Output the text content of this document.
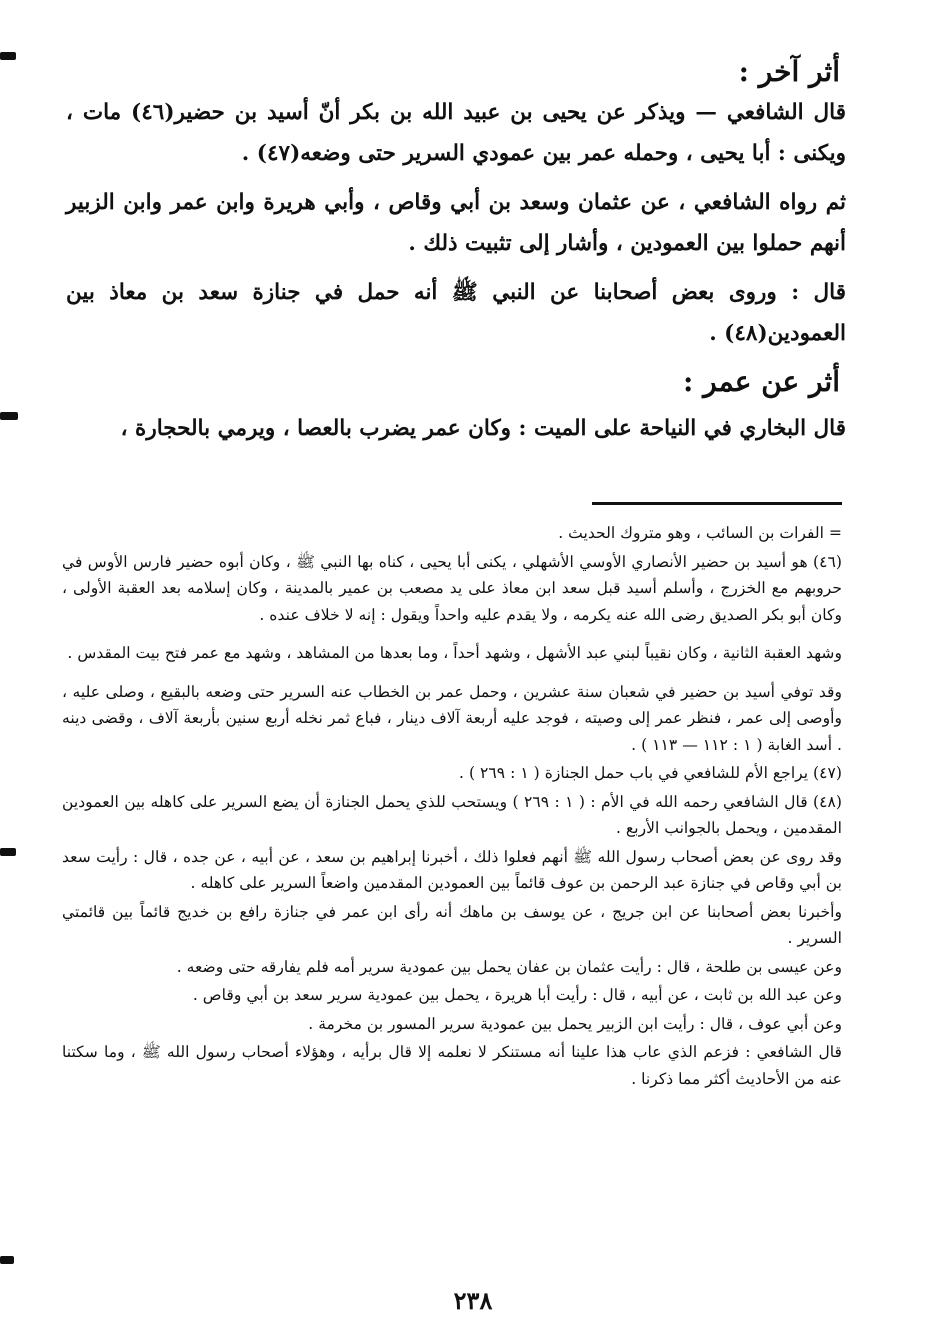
أثر آخر :

قال الشافعي — ويذكر عن يحيى بن عبيد الله بن بكر أنّ أسيد بن حضير(٤٦) مات ، ويكنى : أبا يحيى ، وحمله عمر بين عمودي السرير حتى وضعه(٤٧) .

ثم رواه الشافعي ، عن عثمان وسعد بن أبي وقاص ، وأبي هريرة وابن عمر وابن الزبير أنهم حملوا بين العمودين ، وأشار إلى تثبيت ذلك .

قال : وروى بعض أصحابنا عن النبي ﷺ أنه حمل في جنازة سعد بن معاذ بين العمودين(٤٨) .

أثر عن عمر :

قال البخاري في النياحة على الميت : وكان عمر يضرب بالعصا ، ويرمي بالحجارة ،

= الفرات بن السائب ، وهو متروك الحديث .

(٤٦) هو أسيد بن حضير الأنصاري الأوسي الأشهلي ، يكنى أبا يحيى ، كناه بها النبي ﷺ ، وكان أبوه حضير فارس الأوس في حروبهم مع الخزرج ، وأسلم أسيد قبل سعد ابن معاذ على يد مصعب بن عمير بالمدينة ، وكان إسلامه بعد العقبة الأولى ، وكان أبو بكر الصديق رضى الله عنه يكرمه ، ولا يقدم عليه واحداً ويقول : إنه لا خلاف عنده .

وشهد العقبة الثانية ، وكان نقيباً لبني عبد الأشهل ، وشهد أحداً ، وما بعدها من المشاهد ، وشهد مع عمر فتح بيت المقدس .

وقد توفي أسيد بن حضير في شعبان سنة عشرين ، وحمل عمر بن الخطاب عنه السرير حتى وضعه بالبقيع ، وصلى عليه ، وأوصى إلى عمر ، فنظر عمر إلى وصيته ، فوجد عليه أربعة آلاف دينار ، فباع ثمر نخله أربع سنين بأربعة آلاف ، وقضى دينه . أسد الغابة ( ١ : ١١٢ — ١١٣ ) .

(٤٧) يراجع الأم للشافعي في باب حمل الجنازة ( ١ : ٢٦٩ ) .

(٤٨) قال الشافعي رحمه الله في الأم : ( ١ : ٢٦٩ ) ويستحب للذي يحمل الجنازة أن يضع السرير على كاهله بين العمودين المقدمين ، ويحمل بالجوانب الأربع .

وقد روى عن بعض أصحاب رسول الله ﷺ أنهم فعلوا ذلك ، أخبرنا إبراهيم بن سعد ، عن أبيه ، عن جده ، قال : رأيت سعد بن أبي وقاص في جنازة عبد الرحمن بن عوف قائماً بين العمودين المقدمين واضعاً السرير على كاهله .

وأخبرنا بعض أصحابنا عن ابن جريج ، عن يوسف بن ماهك أنه رأى ابن عمر في جنازة رافع بن خديج قائماً بين قائمتي السرير .

وعن عيسى بن طلحة ، قال : رأيت عثمان بن عفان يحمل بين عمودية سرير أمه فلم يفارقه حتى وضعه .

وعن عبد الله بن ثابت ، عن أبيه ، قال : رأيت أبا هريرة ، يحمل بين عمودية سرير سعد بن أبي وقاص .

وعن أبي عوف ، قال : رأيت ابن الزبير يحمل بين عمودية سرير المسور بن مخرمة .

قال الشافعي : فزعم الذي عاب هذا علينا أنه مستنكر لا نعلمه إلا قال برأيه ، وهؤلاء أصحاب رسول الله ﷺ ، وما سكتنا عنه من الأحاديث أكثر مما ذكرنا .

٢٣٨
